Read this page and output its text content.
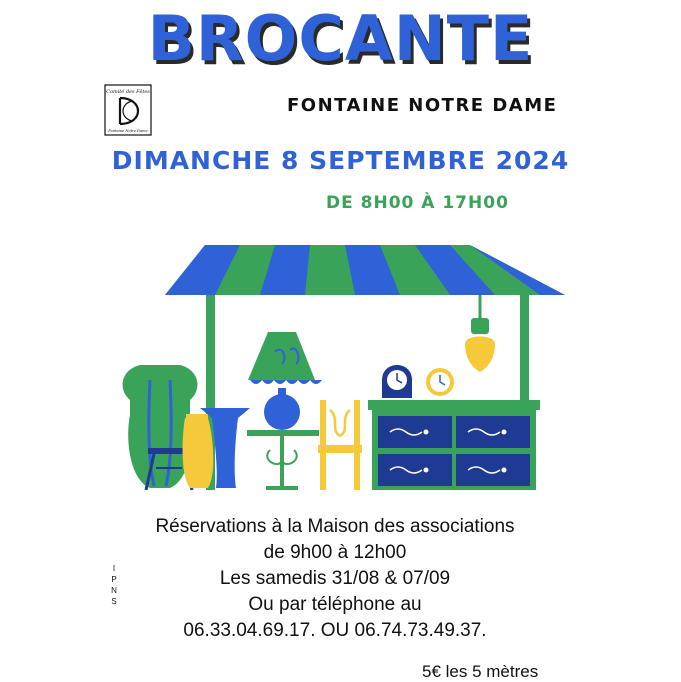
BROCANTE
Comité des Fêtes
Fontaine Notre Dame
FONTAINE NOTRE DAME
DIMANCHE 8 SEPTEMBRE 2024
DE 8H00 À 17H00
Réservations à la Maison des associations
de 9h00 à 12h00
Les samedis 31/08 & 07/09
Ou par téléphone au
06.33.04.69.17. OU 06.74.73.49.37.
I
P
N
S
5€ les 5 mètres
